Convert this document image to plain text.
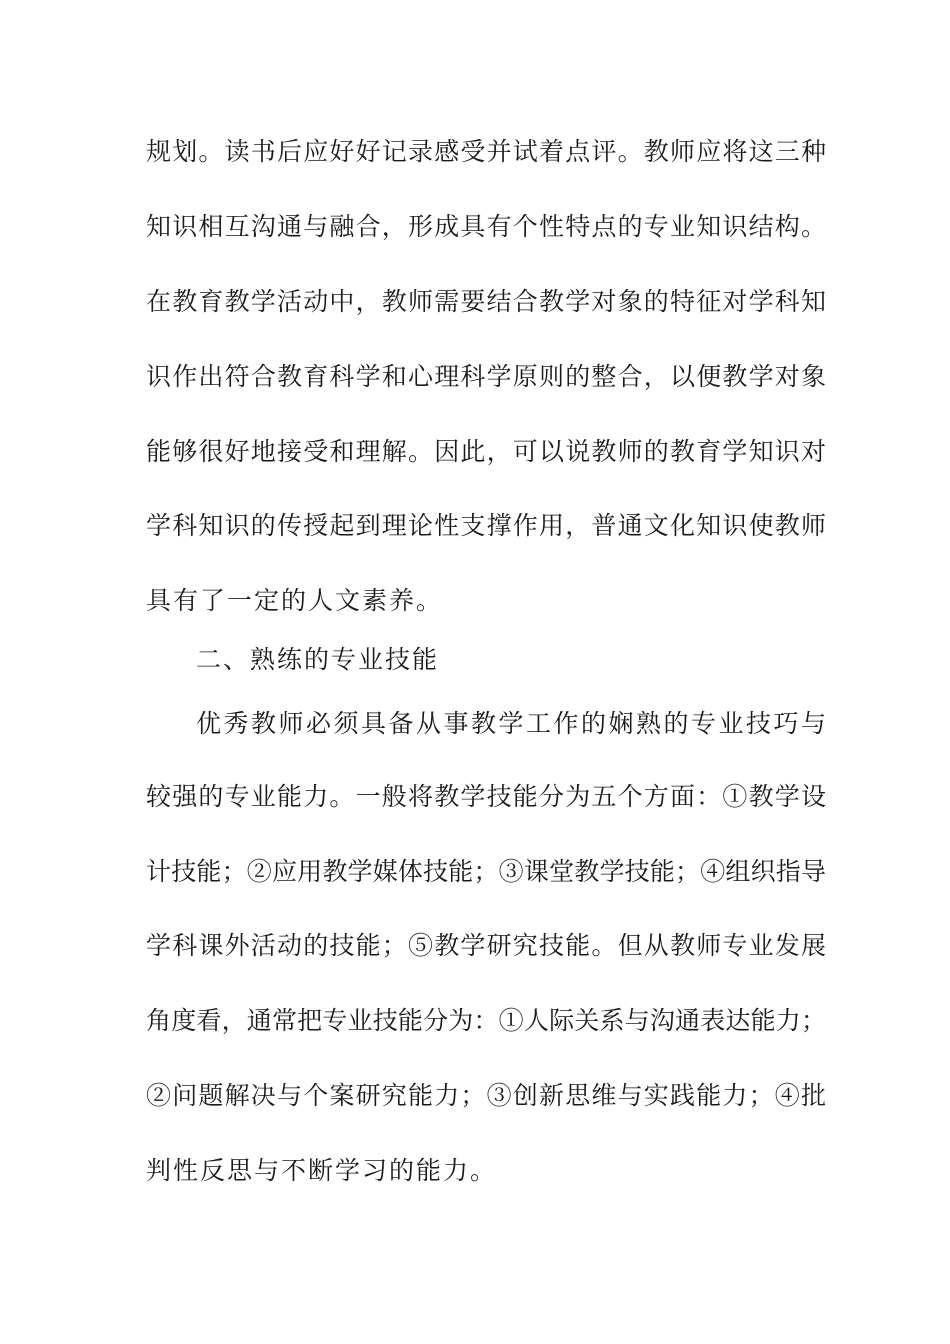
规划。读书后应好好记录感受并试着点评。教师应将这三种
知识相互沟通与融合，形成具有个性特点的专业知识结构。
在教育教学活动中，教师需要结合教学对象的特征对学科知
识作出符合教育科学和心理科学原则的整合，以便教学对象
能够很好地接受和理解。因此，可以说教师的教育学知识对
学科知识的传授起到理论性支撑作用，普通文化知识使教师
具有了一定的人文素养。
二、熟练的专业技能
优秀教师必须具备从事教学工作的娴熟的专业技巧与
较强的专业能力。一般将教学技能分为五个方面：①教学设
计技能；②应用教学媒体技能；③课堂教学技能；④组织指导
学科课外活动的技能；⑤教学研究技能。但从教师专业发展
角度看，通常把专业技能分为：①人际关系与沟通表达能力；
②问题解决与个案研究能力；③创新思维与实践能力；④批
判性反思与不断学习的能力。
